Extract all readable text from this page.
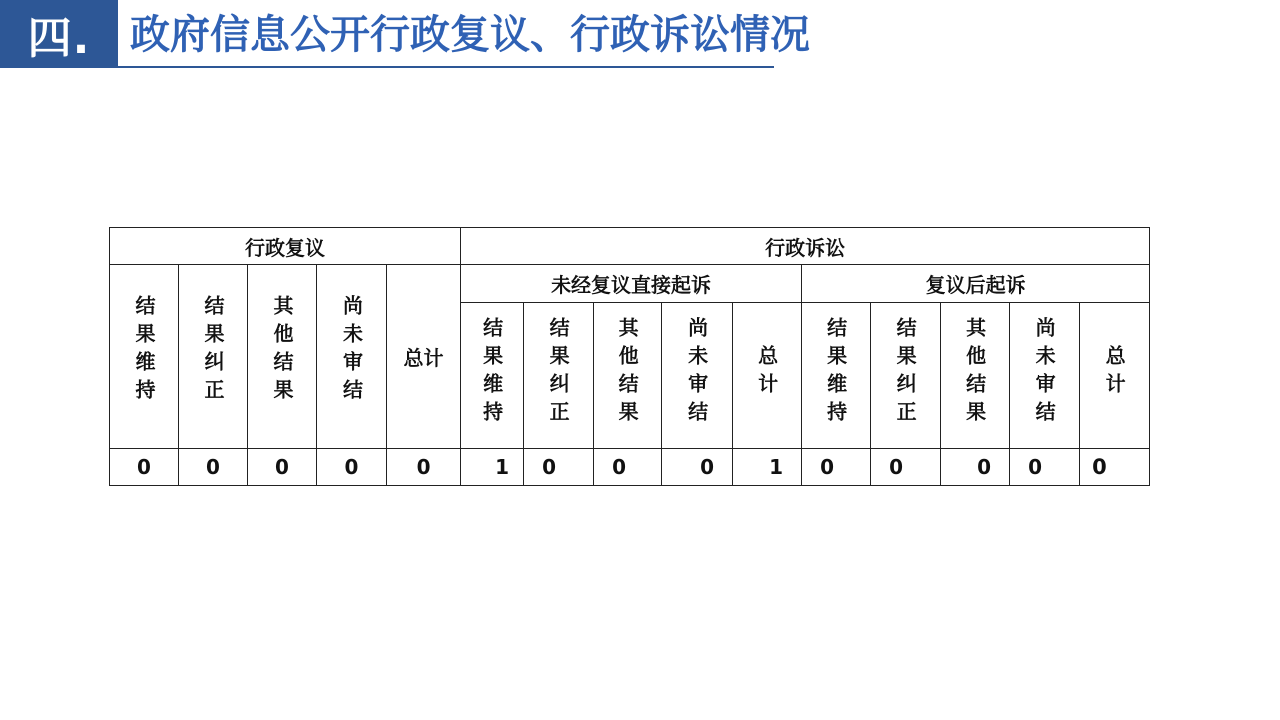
四. 政府信息公开行政复议、行政诉讼情况
行政复议					行政诉讼									
结果维持	结果纠正	其他结果	尚未审结	总计	未经复议直接起诉					复议后起诉				
					结果维持	结果纠正	其他结果	尚未审结	总计	结果维持	结果纠正	其他结果	尚未审结	总计
0	0	0	0	0	1	0	0	0	1	0	0	0	0	0
